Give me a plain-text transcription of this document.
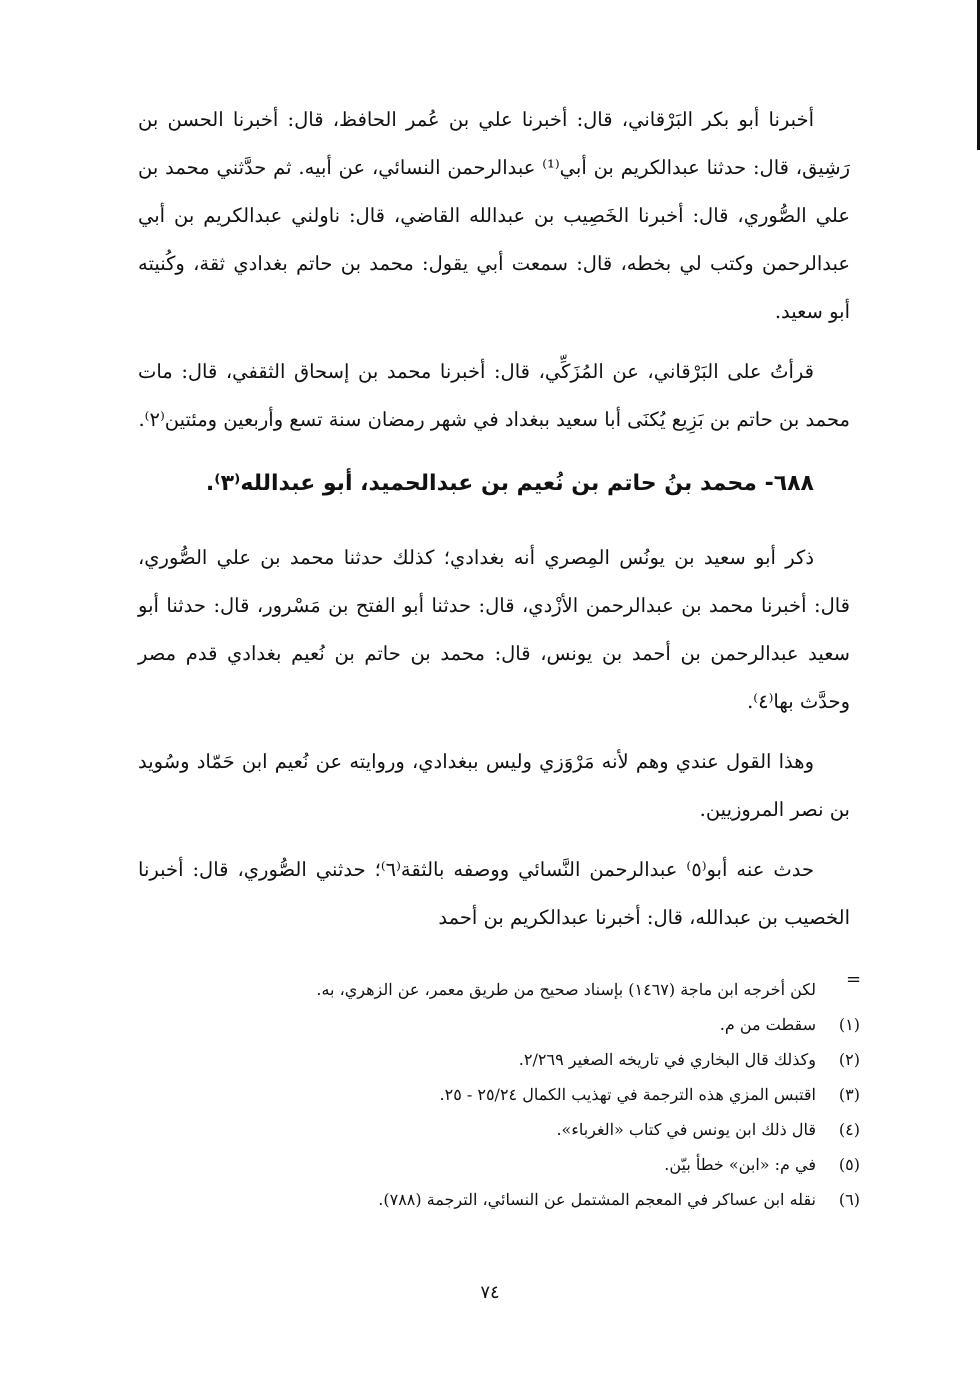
أخبرنا أبو بكر البَرْقاني، قال: أخبرنا علي بن عُمر الحافظ، قال: أخبرنا الحسن بن رَشِيق، قال: حدثنا عبدالكريم بن أبي⁽¹⁾ عبدالرحمن النسائي، عن أبيه. ثم حدَّثني محمد بن علي الصُّوري، قال: أخبرنا الخَصِيب بن عبدالله القاضي، قال: ناولني عبدالكريم بن أبي عبدالرحمن وكتب لي بخطه، قال: سمعت أبي يقول: محمد بن حاتم بغدادي ثقة، وكُنيته أبو سعيد.

قرأتُ على البَرْقاني، عن المُزَكِّي، قال: أخبرنا محمد بن إسحاق الثقفي، قال: مات محمد بن حاتم بن بَزِيع يُكنَى أبا سعيد ببغداد في شهر رمضان سنة تسع وأربعين ومئتين⁽٢⁾.

٦٨٨- محمد بنُ حاتم بن نُعيم بن عبدالحميد، أبو عبدالله⁽٣⁾.

ذكر أبو سعيد بن يونُس المِصري أنه بغدادي؛ كذلك حدثنا محمد بن علي الصُّوري، قال: أخبرنا محمد بن عبدالرحمن الأزْدي، قال: حدثنا أبو الفتح بن مَسْرور، قال: حدثنا أبو سعيد عبدالرحمن بن أحمد بن يونس، قال: محمد بن حاتم بن نُعيم بغدادي قدم مصر وحدَّث بها⁽٤⁾.

وهذا القول عندي وهم لأنه مَرْوَزي وليس ببغدادي، وروايته عن نُعيم ابن حَمّاد وسُويد بن نصر المروزيين.

حدث عنه أبو⁽٥⁾ عبدالرحمن النَّسائي ووصفه بالثقة⁽٦⁾؛ حدثني الصُّوري، قال: أخبرنا الخصيب بن عبدالله، قال: أخبرنا عبدالكريم بن أحمد

=
لكن أخرجه ابن ماجة (١٤٦٧) بإسناد صحيح من طريق معمر، عن الزهري، به.
(١)
سقطت من م.
(٢)
وكذلك قال البخاري في تاريخه الصغير ٢/٢٦٩.
(٣)
اقتبس المزي هذه الترجمة في تهذيب الكمال ٢٥/٢٤ - ٢٥.
(٤)
قال ذلك ابن يونس في كتاب «الغرباء».
(٥)
في م: «ابن» خطأ بيّن.
(٦)
نقله ابن عساكر في المعجم المشتمل عن النسائي، الترجمة (٧٨٨).
٧٤
